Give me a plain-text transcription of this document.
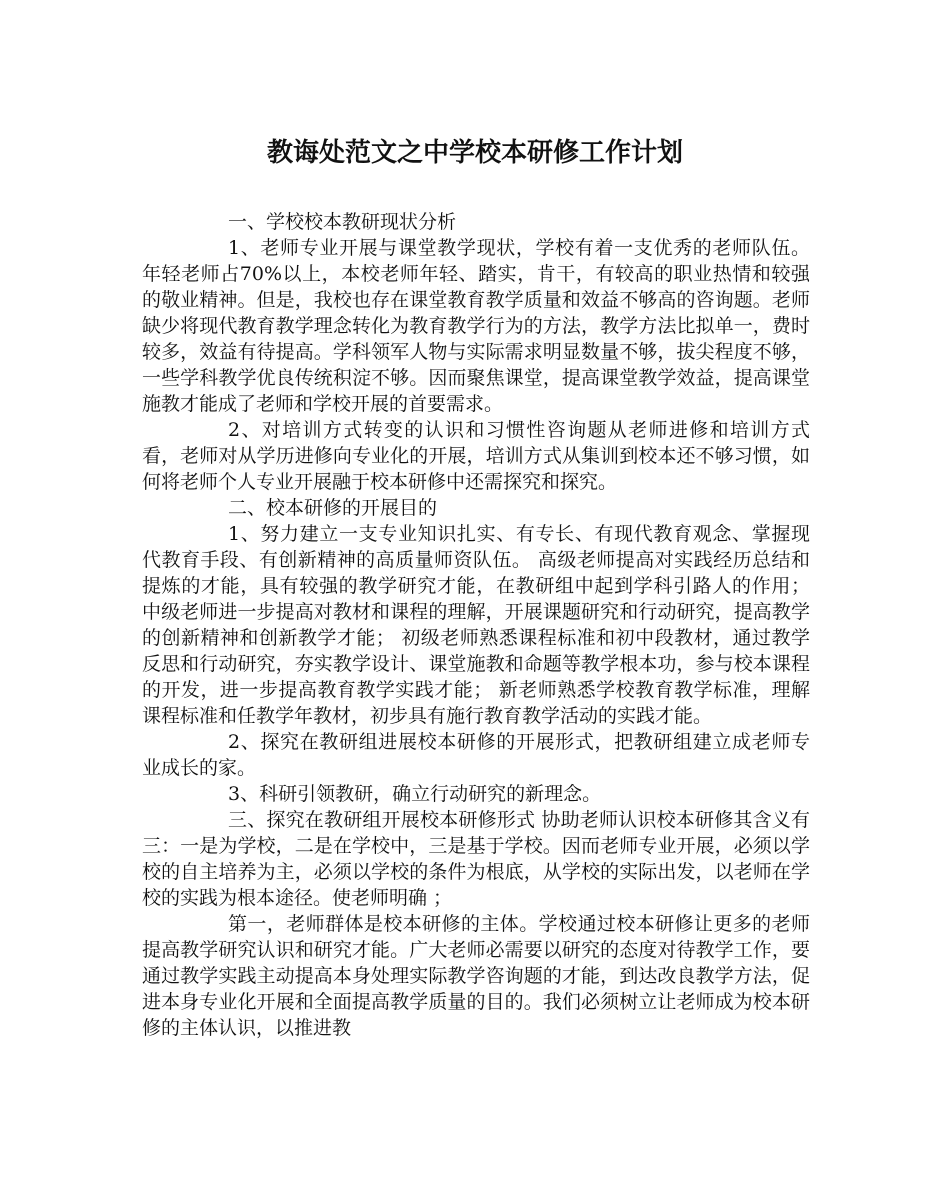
教诲处范文之中学校本研修工作计划

一、学校校本教研现状分析

1、老师专业开展与课堂教学现状，学校有着一支优秀的老师队伍。年轻老师占70%以上，本校老师年轻、踏实，肯干，有较高的职业热情和较强的敬业精神。但是，我校也存在课堂教育教学质量和效益不够高的咨询题。老师缺少将现代教育教学理念转化为教育教学行为的方法，教学方法比拟单一，费时较多，效益有待提高。学科领军人物与实际需求明显数量不够，拔尖程度不够，一些学科教学优良传统积淀不够。因而聚焦课堂，提高课堂教学效益，提高课堂施教才能成了老师和学校开展的首要需求。

2、对培训方式转变的认识和习惯性咨询题从老师进修和培训方式看，老师对从学历进修向专业化的开展，培训方式从集训到校本还不够习惯，如何将老师个人专业开展融于校本研修中还需探究和探究。

二、校本研修的开展目的

1、努力建立一支专业知识扎实、有专长、有现代教育观念、掌握现代教育手段、有创新精神的高质量师资队伍。 高级老师提高对实践经历总结和提炼的才能，具有较强的教学研究才能，在教研组中起到学科引路人的作用； 中级老师进一步提高对教材和课程的理解，开展课题研究和行动研究，提高教学的创新精神和创新教学才能； 初级老师熟悉课程标准和初中段教材，通过教学反思和行动研究，夯实教学设计、课堂施教和命题等教学根本功，参与校本课程的开发，进一步提高教育教学实践才能； 新老师熟悉学校教育教学标准，理解课程标准和任教学年教材，初步具有施行教育教学活动的实践才能。

2、探究在教研组进展校本研修的开展形式，把教研组建立成老师专业成长的家。

3、科研引领教研，确立行动研究的新理念。

三、探究在教研组开展校本研修形式 协助老师认识校本研修其含义有三：一是为学校，二是在学校中，三是基于学校。因而老师专业开展，必须以学校的自主培养为主，必须以学校的条件为根底，从学校的实际出发，以老师在学校的实践为根本途径。使老师明确 ；

第一，老师群体是校本研修的主体。学校通过校本研修让更多的老师提高教学研究认识和研究才能。广大老师必需要以研究的态度对待教学工作，要通过教学实践主动提高本身处理实际教学咨询题的才能，到达改良教学方法，促进本身专业化开展和全面提高教学质量的目的。我们必须树立让老师成为校本研修的主体认识，以推进教
